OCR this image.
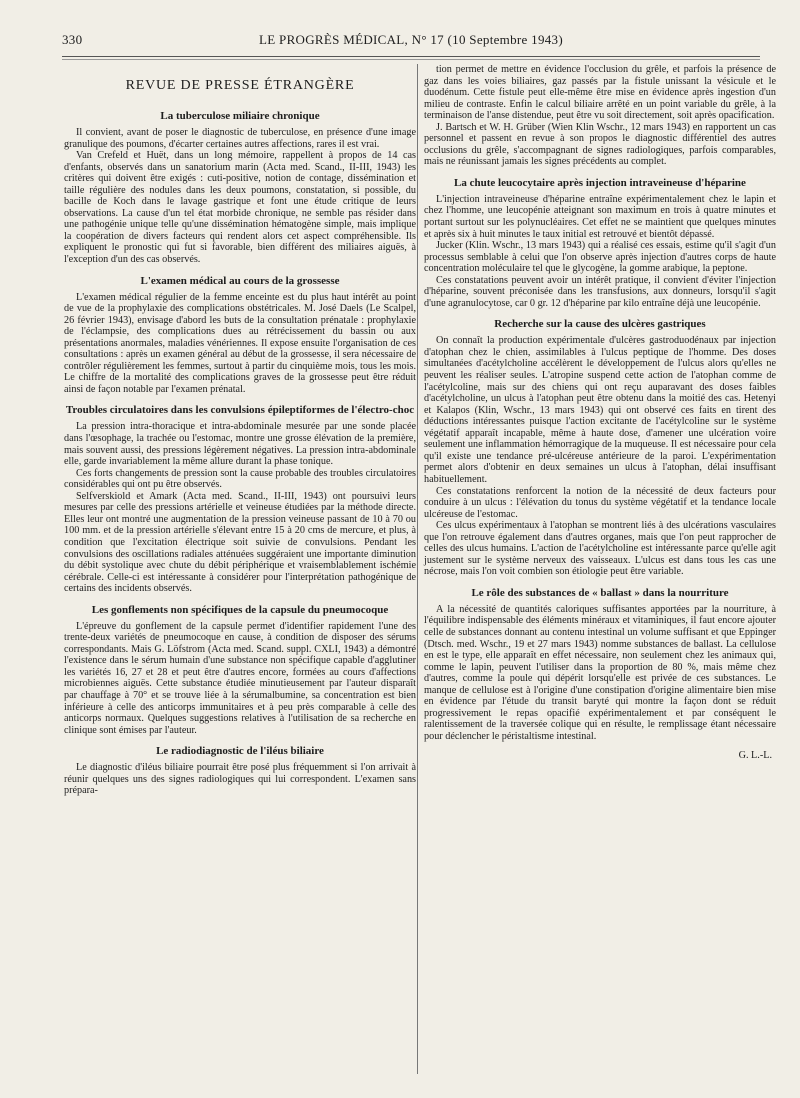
330	LE PROGRÈS MÉDICAL, N° 17 (10 Septembre 1943)
REVUE DE PRESSE ÉTRANGÈRE
La tuberculose miliaire chronique

Il convient, avant de poser le diagnostic de tuberculose, en présence d'une image granulique des poumons, d'écarter certaines autres affections, rares il est vrai.

Van Crefeld et Huët, dans un long mémoire, rappellent à propos de 14 cas d'enfants, observés dans un sanatorium marin (Acta med. Scand., II-III, 1943) les critères qui doivent être exigés : cuti-positive, notion de contage, dissémination et taille régulière des nodules dans les deux poumons, constatation, si possible, du bacille de Koch dans le lavage gastrique et font une étude critique de leurs observations. La cause d'un tel état morbide chronique, ne semble pas résider dans une pathogénie unique telle qu'une dissémination hématogène simple, mais implique la coopération de divers facteurs qui rendent alors cet aspect compréhensible. Ils expliquent le pronostic qui fut si favorable, bien différent des miliaires aiguës, à l'exception d'un des cas observés.

L'examen médical au cours de la grossesse

L'examen médical régulier de la femme enceinte est du plus haut intérêt au point de vue de la prophylaxie des complications obstétricales. M. José Daels (Le Scalpel, 26 février 1943), envisage d'abord les buts de la consultation prénatale : prophylaxie de l'éclampsie, des complications dues au rétrécissement du bassin ou aux présentations anormales, maladies vénériennes. Il expose ensuite l'organisation de ces consultations : après un examen général au début de la grossesse, il sera nécessaire de contrôler régulièrement les femmes, surtout à partir du cinquième mois, tous les mois. Le chiffre de la mortalité des complications graves de la grossesse peut être réduit ainsi de façon notable par l'examen prénatal.

Troubles circulatoires dans les convulsions épileptiformes de l'électro-choc

La pression intra-thoracique et intra-abdominale mesurée par une sonde placée dans l'œsophage, la trachée ou l'estomac, montre une grosse élévation de la première, mais souvent aussi, des pressions légèrement négatives. La pression intra-abdominale elle, garde invariablement la même allure durant la phase tonique.

Ces forts changements de pression sont la cause probable des troubles circulatoires considérables qui ont pu être observés.

Selfverskiold et Amark (Acta med. Scand., II-III, 1943) ont poursuivi leurs mesures par celle des pressions artérielle et veineuse étudiées par la méthode directe. Elles leur ont montré une augmentation de la pression veineuse passant de 10 à 70 ou 100 mm. et de la pression artérielle s'élevant entre 15 à 20 cms de mercure, et plus, à condition que l'excitation électrique soit suivie de convulsions. Pendant les convulsions des oscillations radiales atténuées suggéraient une importante diminution du débit systolique avec chute du débit périphérique et vraisemblablement ischémie cérébrale. Celle-ci est intéressante à considérer pour l'interprétation pathogénique de certains des incidents observés.

Les gonflements non spécifiques de la capsule du pneumocoque

L'épreuve du gonflement de la capsule permet d'identifier rapidement l'une des trente-deux variétés de pneumocoque en cause, à condition de disposer des sérums correspondants. Mais G. Löfstrom (Acta med. Scand. suppl. CXLI, 1943) a démontré l'existence dans le sérum humain d'une substance non spécifique capable d'agglutiner les variétés 16, 27 et 28 et peut être d'autres encore, formées au cours d'affections microbiennes aiguës. Cette substance étudiée minutieusement par l'auteur disparaît par chauffage à 70° et se trouve liée à la sérumalbumine, sa concentration est bien inférieure à celle des anticorps immunitaires et à peu près comparable à celle des anticorps normaux. Quelques suggestions relatives à l'utilisation de sa recherche en clinique sont émises par l'auteur.

Le radiodiagnostic de l'iléus biliaire

Le diagnostic d'iléus biliaire pourrait être posé plus fréquemment si l'on arrivait à réunir quelques uns des signes radiologiques qui lui correspondent. L'examen sans prépara-

tion permet de mettre en évidence l'occlusion du grêle, et parfois la présence de gaz dans les voies biliaires, gaz passés par la fistule unissant la vésicule et le duodénum. Cette fistule peut elle-même être mise en évidence après ingestion d'un milieu de contraste. Enfin le calcul biliaire arrêté en un point variable du grêle, à la terminaison de l'anse distendue, peut être vu soit directement, soit après opacification.

J. Bartsch et W. H. Grüber (Wien Klin Wschr., 12 mars 1943) en rapportent un cas personnel et passent en revue à son propos le diagnostic différentiel des autres occlusions du grêle, s'accompagnant de signes radiologiques, parfois comparables, mais ne réunissant jamais les signes précédents au complet.

La chute leucocytaire après injection intraveineuse d'héparine

L'injection intraveineuse d'héparine entraîne expérimentalement chez le lapin et chez l'homme, une leucopénie atteignant son maximum en trois à quatre minutes et portant surtout sur les polynucléaires. Cet effet ne se maintient que quelques minutes et après six à huit minutes le taux initial est retrouvé et bientôt dépassé.

Jucker (Klin. Wschr., 13 mars 1943) qui a réalisé ces essais, estime qu'il s'agit d'un processus semblable à celui que l'on observe après injection d'autres corps de haute concentration moléculaire tel que le glycogène, la gomme arabique, la peptone.

Ces constatations peuvent avoir un intérêt pratique, il convient d'éviter l'injection d'héparine, souvent préconisée dans les transfusions, aux donneurs, lorsqu'il s'agit d'une agranulocytose, car 0 gr. 12 d'héparine par kilo entraîne déjà une leucopénie.

Recherche sur la cause des ulcères gastriques

On connaît la production expérimentale d'ulcères gastroduodénaux par injection d'atophan chez le chien, assimilables à l'ulcus peptique de l'homme. Des doses simultanées d'acétylcholine accélèrent le développement de l'ulcus alors qu'elles ne peuvent les réaliser seules. L'atropine suspend cette action de l'atophan comme de l'acétylcoline, mais sur des chiens qui ont reçu auparavant des doses faibles d'acétylcholine, un ulcus à l'atophan peut être obtenu dans la moitié des cas. Hetenyi et Kalapos (Klin, Wschr., 13 mars 1943) qui ont observé ces faits en tirent des déductions intéressantes puisque l'action excitante de l'acétylcoline sur le système végétatif apparaît incapable, même à haute dose, d'amener une ulcération voire seulement une inflammation hémorragique de la muqueuse. Il est nécessaire pour cela qu'il existe une tendance pré-ulcéreuse antérieure de la paroi. L'expérimentation permet alors d'obtenir en deux semaines un ulcus à l'atophan, délai insuffisant habituellement.

Ces constatations renforcent la notion de la nécessité de deux facteurs pour conduire à un ulcus : l'élévation du tonus du système végétatif et la tendance locale ulcéreuse de l'estomac.

Ces ulcus expérimentaux à l'atophan se montrent liés à des ulcérations vasculaires que l'on retrouve également dans d'autres organes, mais que l'on peut rapprocher de celles des ulcus humains. L'action de l'acétylcholine est intéressante parce qu'elle agit justement sur le système nerveux des vaisseaux. L'ulcus est dans tous les cas une nécrose, mais l'on voit combien son étiologie peut être variable.

Le rôle des substances de « ballast » dans la nourriture

A la nécessité de quantités caloriques suffisantes apportées par la nourriture, à l'équilibre indispensable des éléments minéraux et vitaminiques, il faut encore ajouter celle de substances donnant au contenu intestinal un volume suffisant et que Eppinger (Dtsch. med. Wschr., 19 et 27 mars 1943) nomme substances de ballast. La cellulose en est le type, elle apparaît en effet nécessaire, non seulement chez les animaux qui, comme le lapin, peuvent l'utiliser dans la proportion de 80 %, mais même chez d'autres, comme la poule qui dépérit lorsqu'elle est privée de ces substances. Le manque de cellulose est à l'origine d'une constipation d'origine alimentaire bien mise en évidence par l'étude du transit baryté qui montre la façon dont se réduit progressivement le repas opacifié expérimentalement et par conséquent le ralentissement de la traversée colique qui en résulte, le remplissage étant nécessaire pour déclencher le péristaltisme intestinal.

G. L.-L.
